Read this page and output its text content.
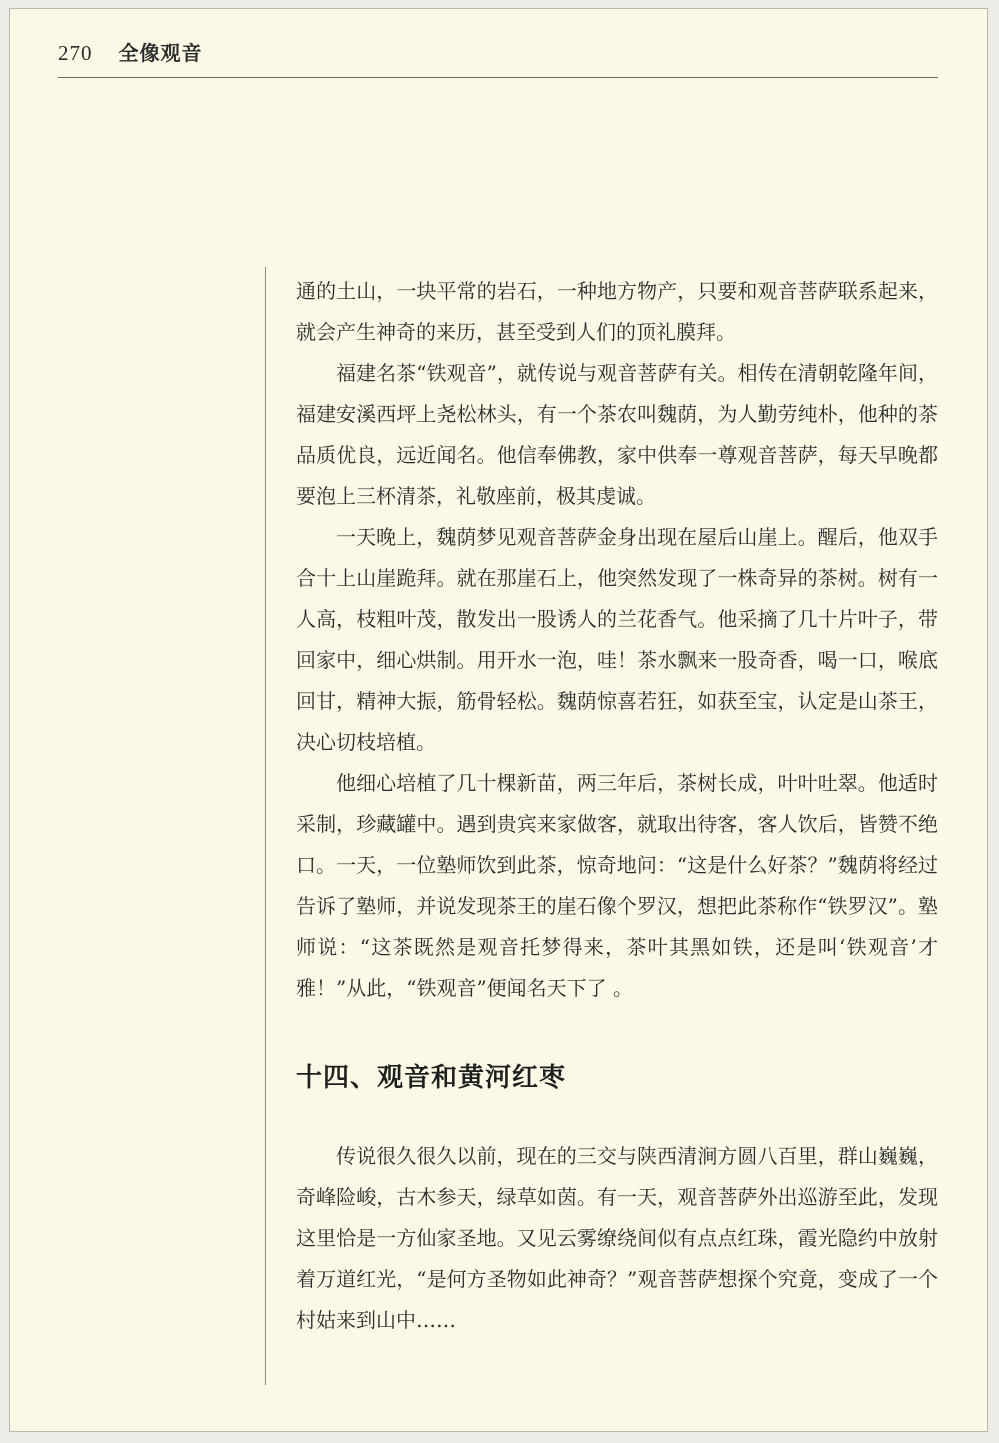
270 全像观音

通的土山，一块平常的岩石，一种地方物产，只要和观音菩萨联系起来，就会产生神奇的来历，甚至受到人们的顶礼膜拜。

福建名茶“铁观音”，就传说与观音菩萨有关。相传在清朝乾隆年间，福建安溪西坪上尧松林头，有一个茶农叫魏荫，为人勤劳纯朴，他种的茶品质优良，远近闻名。他信奉佛教，家中供奉一尊观音菩萨，每天早晚都要泡上三杯清茶，礼敬座前，极其虔诚。

一天晚上，魏荫梦见观音菩萨金身出现在屋后山崖上。醒后，他双手合十上山崖跪拜。就在那崖石上，他突然发现了一株奇异的茶树。树有一人高，枝粗叶茂，散发出一股诱人的兰花香气。他采摘了几十片叶子，带回家中，细心烘制。用开水一泡，哇！茶水飘来一股奇香，喝一口，喉底回甘，精神大振，筋骨轻松。魏荫惊喜若狂，如获至宝，认定是山茶王，决心切枝培植。

他细心培植了几十棵新苗，两三年后，茶树长成，叶叶吐翠。他适时采制，珍藏罐中。遇到贵宾来家做客，就取出待客，客人饮后，皆赞不绝口。一天，一位塾师饮到此茶，惊奇地问：“这是什么好茶？”魏荫将经过告诉了塾师，并说发现茶王的崖石像个罗汉，想把此茶称作“铁罗汉”。塾师说：“这茶既然是观音托梦得来，茶叶其黑如铁，还是叫‘铁观音’才雅！”从此，“铁观音”便闻名天下了 。

十四、观音和黄河红枣

传说很久很久以前，现在的三交与陕西清涧方圆八百里，群山巍巍，奇峰险峻，古木参天，绿草如茵。有一天，观音菩萨外出巡游至此，发现这里恰是一方仙家圣地。又见云雾缭绕间似有点点红珠，霞光隐约中放射着万道红光，“是何方圣物如此神奇？”观音菩萨想探个究竟，变成了一个村姑来到山中……
